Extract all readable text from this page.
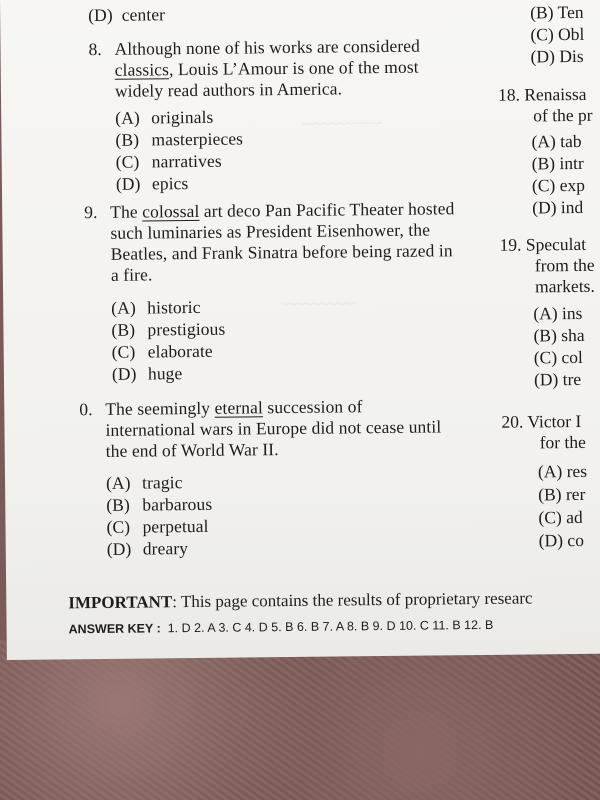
~~~~~~~~~~
~~~~~~~~~
(D) center
8. Although none of his works are considered classics, Louis L’Amour is one of the most widely read authors in America.
(A) originals
(B) masterpieces
(C) narratives
(D) epics
9. The colossal art deco Pan Pacific Theater hosted such luminaries as President Eisenhower, the Beatles, and Frank Sinatra before being razed in a fire.
(A) historic
(B) prestigious
(C) elaborate
(D) huge
0. The seemingly eternal succession of international wars in Europe did not cease until the end of World War II.
(A) tragic
(B) barbarous
(C) perpetual
(D) dreary
(B) Ten
(C) Obl
(D) Dis
18. Renaissa
of the pr
(A) tab
(B) intr
(C) exp
(D) ind
19. Speculat
from the
markets.
(A) ins
(B) sha
(C) col
(D) tre
20. Victor I
for the
(A) res
(B) rer
(C) ad
(D) co
IMPORTANT: This page contains the results of proprietary researc
ANSWER KEY : 1. D 2. A 3. C 4. D 5. B 6. B 7. A 8. B 9. D 10. C 11. B 12. B
